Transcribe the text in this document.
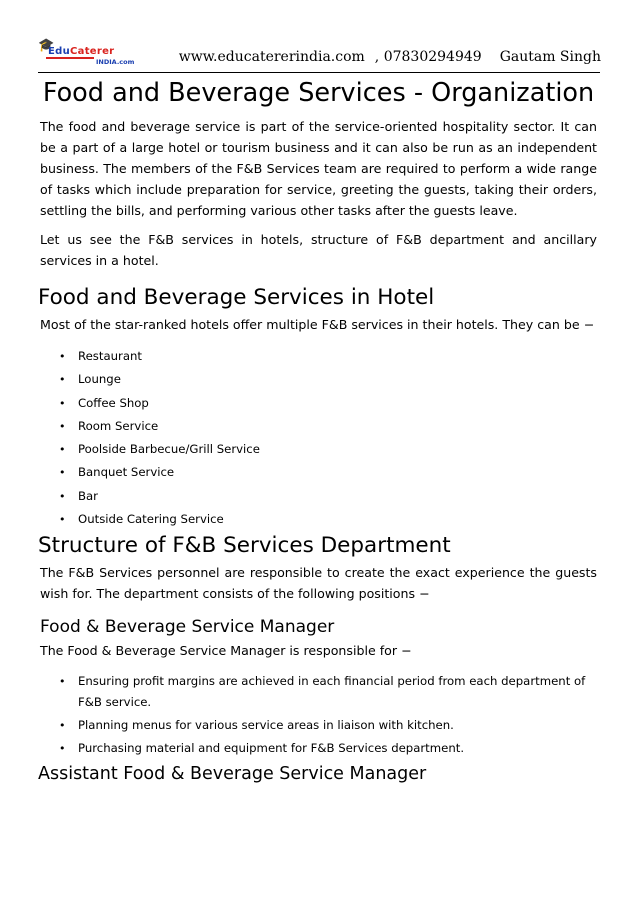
🎓
EduCaterer
INDIA.com	www.educatererindia.com , 07830294949 Gautam Singh
Food and Beverage Services - Organization

The food and beverage service is part of the service-oriented hospitality sector. It can be a part of a large hotel or tourism business and it can also be run as an independent business. The members of the F&B Services team are required to perform a wide range of tasks which include preparation for service, greeting the guests, taking their orders, settling the bills, and performing various other tasks after the guests leave.

Let us see the F&B services in hotels, structure of F&B department and ancillary services in a hotel.

Food and Beverage Services in Hotel

Most of the star-ranked hotels offer multiple F&B services in their hotels. They can be −

• Restaurant
• Lounge
• Coffee Shop
• Room Service
• Poolside Barbecue/Grill Service
• Banquet Service
• Bar
• Outside Catering Service
Structure of F&B Services Department

The F&B Services personnel are responsible to create the exact experience the guests wish for. The department consists of the following positions −

Food & Beverage Service Manager

The Food & Beverage Service Manager is responsible for −

• Ensuring profit margins are achieved in each financial period from each department of F&B service.
• Planning menus for various service areas in liaison with kitchen.
• Purchasing material and equipment for F&B Services department.
Assistant Food & Beverage Service Manager
